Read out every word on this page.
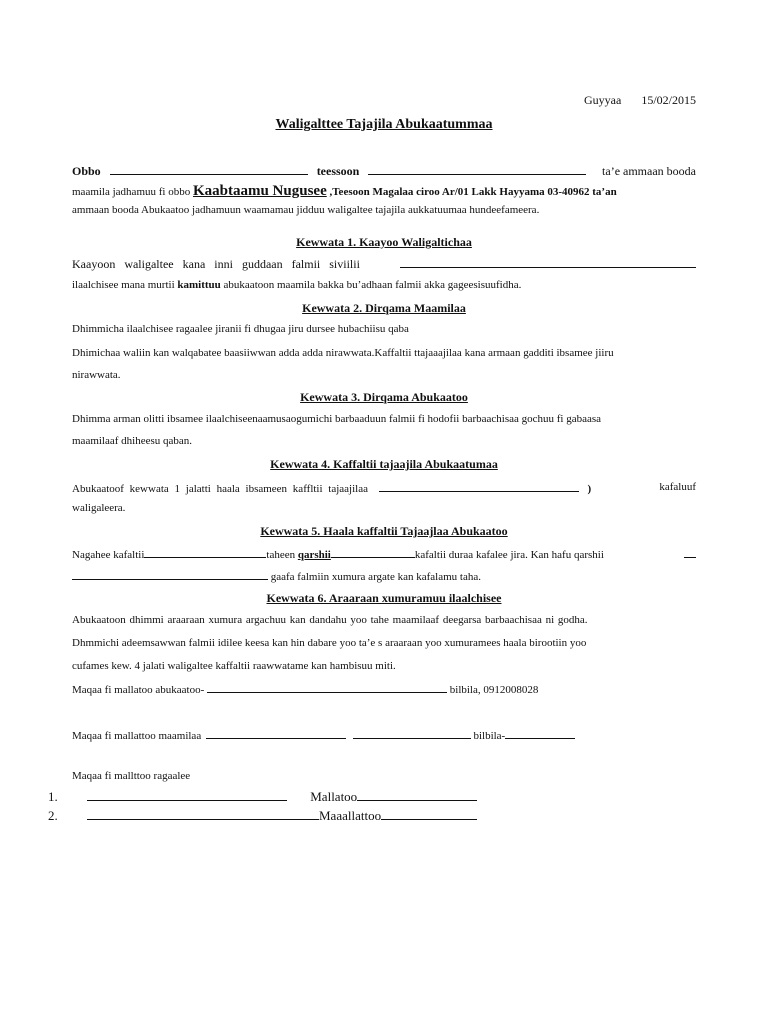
Guyyaa 15/02/2015
Waligalttee Tajajila Abukaatummaa
Obbo	teessoon	ta’e ammaan booda
maamila jadhamuu fi obbo Kaabtaamu Nugusee ,Teesoon Magalaa ciroo Ar/01 Lakk Hayyama 03-40962 ta’an
ammaan booda Abukaatoo jadhamuun waamamau jidduu waligaltee tajajila aukkatuumaa hundeefameera.
Kewwata 1. Kaayoo Waligaltichaa
Kaayoon waligaltee kana inni guddaan falmii siviilii
ilaalchisee mana murtii kamittuu abukaatoon maamila bakka bu’adhaan falmii akka gageesisuufidha.
Kewwata 2. Dirqama Maamilaa
Dhimmicha ilaalchisee ragaalee jiranii fi dhugaa jiru dursee hubachiisu qaba
Dhimichaa waliin kan walqabatee baasiiwwan adda adda nirawwata.Kaffaltii ttajaaajilaa kana armaan gadditi ibsamee jiiru
nirawwata.
Kewwata 3. Dirqama Abukaatoo
Dhimma arman olitti ibsamee ilaalchiseenaamusaogumichi barbaaduun falmii fi hodofii barbaachisaa gochuu fi gabaasa
maamilaaf dhiheesu qaban.
Kewwata 4. Kaffaltii tajaajila Abukaatumaa
Abukaatoof kewwata 1 jalatti haala ibsameen kaffltii tajaajilaa	)	kafaluuf
waligaleera.
Kewwata 5. Haala kaffaltii Tajaajlaa Abukaatoo
Nagahee kafaltii	taheen qarshii	kafaltii duraa kafalee jira. Kan hafu qarshii
gaafa falmiin xumura argate kan kafalamu taha.
Kewwata 6. Araaraan xumuramuu ilaalchisee
Abukaatoon dhimmi araaraan xumura argachuu kan dandahu yoo tahe maamilaaf deegarsa barbaachisaa ni godha.
Dhmmichi adeemsawwan falmii idilee keesa kan hin dabare yoo ta’e s araaraan yoo xumuramees haala birootiin yoo
cufames kew. 4 jalati waligaltee kaffaltii raawwatame kan hambisuu miti.
Maqaa fi mallatoo abukaatoo-	bilbila, 0912008028
Maqaa fi mallattoo maamilaa	bilbila-
Maqaa fi mallttoo ragaalee
1.	Mallatoo
2.	Maaallattoo
